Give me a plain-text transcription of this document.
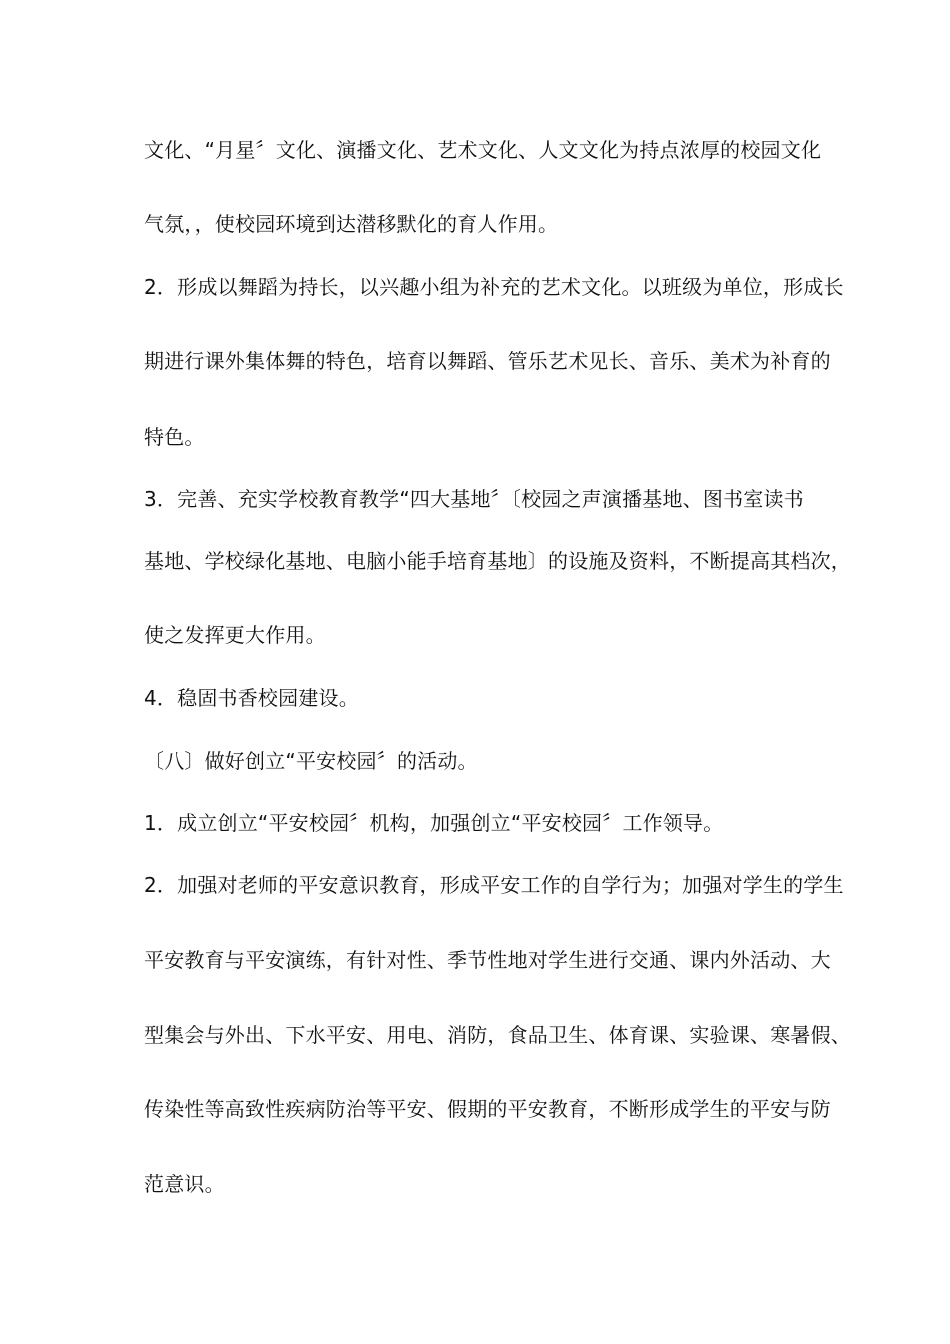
文化、“月星〞文化、演播文化、艺术文化、人文文化为持点浓厚的校园文化
气氛，，使校园环境到达潜移默化的育人作用。
2．形成以舞蹈为持长，以兴趣小组为补充的艺术文化。以班级为单位，形成长
期进行课外集体舞的特色，培育以舞蹈、管乐艺术见长、音乐、美术为补育的
特色。
3．完善、充实学校教育教学“四大基地〞〔校园之声演播基地、图书室读书
基地、学校绿化基地、电脑小能手培育基地〕的设施及资料，不断提高其档次，
使之发挥更大作用。
4．稳固书香校园建设。
〔八〕做好创立“平安校园〞的活动。
1．成立创立“平安校园〞机构，加强创立“平安校园〞工作领导。
2．加强对老师的平安意识教育，形成平安工作的自学行为；加强对学生的学生
平安教育与平安演练，有针对性、季节性地对学生进行交通、课内外活动、大
型集会与外出、下水平安、用电、消防，食品卫生、体育课、实验课、寒暑假、
传染性等高致性疾病防治等平安、假期的平安教育，不断形成学生的平安与防
范意识。
